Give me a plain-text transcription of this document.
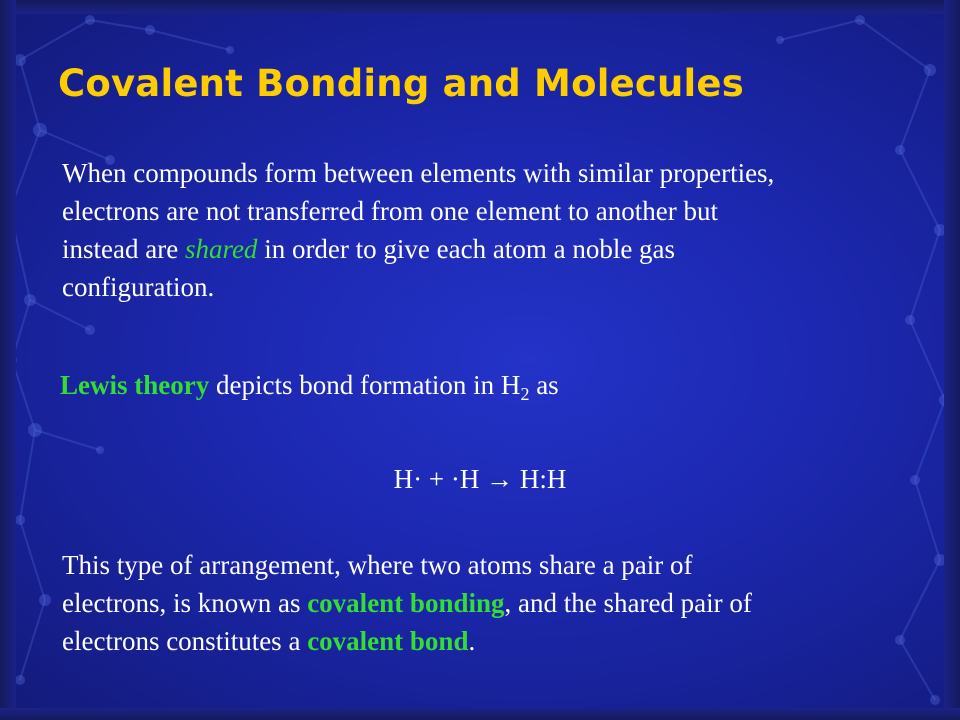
Covalent Bonding and Molecules
When compounds form between elements with similar properties,
electrons are not transferred from one element to another but
instead are shared in order to give each atom a noble gas
configuration.
Lewis theory depicts bond formation in $H_2$ as
H· + ·H → H:H
This type of arrangement, where two atoms share a pair of
electrons, is known as covalent bonding, and the shared pair of
electrons constitutes a covalent bond.
